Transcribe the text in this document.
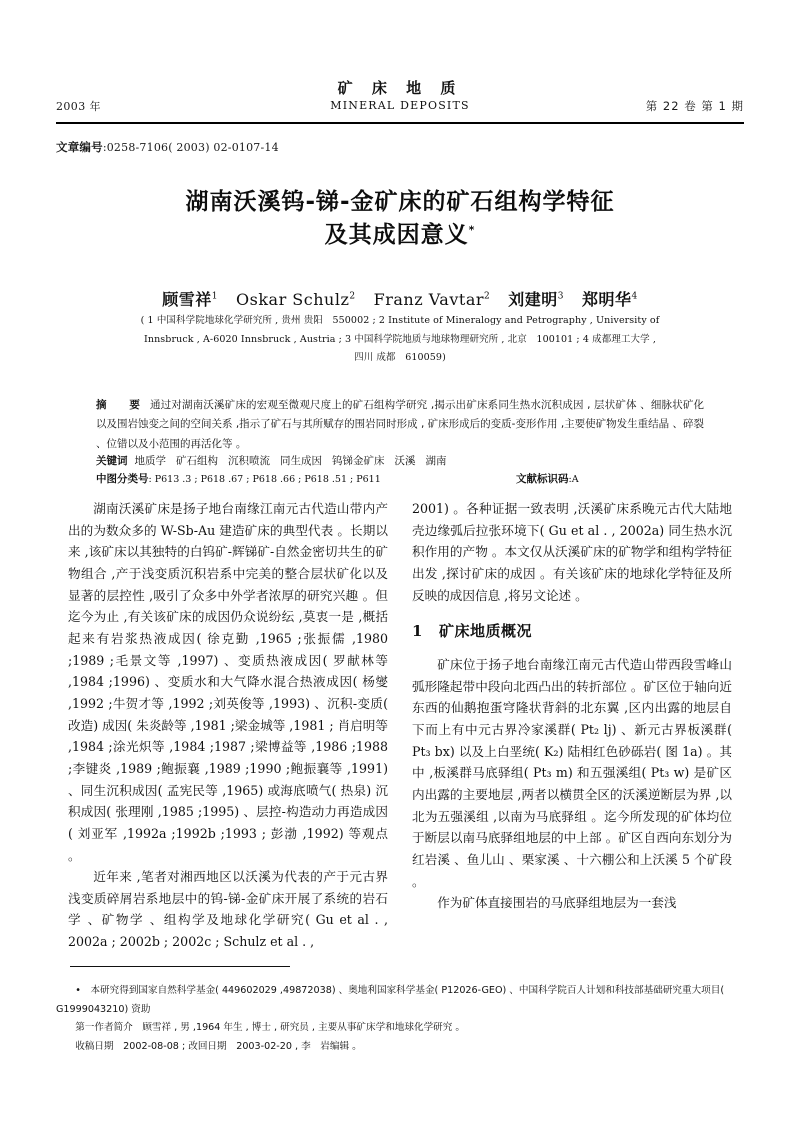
2003 年
矿 床 地 质
MINERAL DEPOSITS	第 22 卷 第 1 期
文章编号:0258-7106( 2003) 02-0107-14
湖南沃溪钨-锑-金矿床的矿石组构学特征
及其成因意义*
顾雪祥$^1$ Oskar Schulz$^2$ Franz Vavtar$^2$ 刘建明$^3$ 郑明华$^4$
( 1 中国科学院地球化学研究所 , 贵州 贵阳　550002 ; 2 Institute of Mineralogy and Petrography , University of
Innsbruck , A-6020 Innsbruck , Austria ; 3 中国科学院地质与地球物理研究所 , 北京　100101 ; 4 成都理工大学 ,
四川 成都　610059)
摘　要 通过对湖南沃溪矿床的宏观至微观尺度上的矿石组构学研究 ,揭示出矿床系同生热水沉积成因 , 层状矿体 、细脉状矿化以及围岩蚀变之间的空间关系 ,指示了矿石与其所赋存的围岩同时形成 , 矿床形成后的变质-变形作用 ,主要使矿物发生重结晶 、碎裂 、位错以及小范围的再活化等 。
关键词 地质学 矿石组构 沉积喷流 同生成因 钨锑金矿床 沃溪 湖南
中图分类号: P613 .3 ; P618 .67 ; P618 .66 ; P618 .51 ; P611	文献标识码:A

湖南沃溪矿床是扬子地台南缘江南元古代造山带内产出的为数众多的 W-Sb-Au 建造矿床的典型代表 。长期以来 ,该矿床以其独特的白钨矿-辉锑矿-自然金密切共生的矿物组合 ,产于浅变质沉积岩系中完美的整合层状矿化以及显著的层控性 ,吸引了众多中外学者浓厚的研究兴趣 。但迄今为止 ,有关该矿床的成因仍众说纷纭 ,莫衷一是 ,概括起来有岩浆热液成因( 徐克勤 ,1965 ;张振儒 ,1980 ;1989 ;毛景文等 ,1997) 、变质热液成因( 罗献林等 ,1984 ;1996) 、变质水和大气降水混合热液成因( 杨燮 ,1992 ;牛贺才等 ,1992 ;刘英俊等 ,1993) 、沉积-变质( 改造) 成因( 朱炎龄等 ,1981 ;梁金城等 ,1981 ; 肖启明等 ,1984 ;涂光炽等 ,1984 ;1987 ;梁博益等 ,1986 ;1988 ;李键炎 ,1989 ;鲍振襄 ,1989 ;1990 ;鲍振襄等 ,1991) 、同生沉积成因( 孟宪民等 ,1965) 或海底喷气( 热泉) 沉积成因( 张理刚 ,1985 ;1995) 、层控-构造动力再造成因( 刘亚军 ,1992a ;1992b ;1993 ; 彭渤 ,1992) 等观点 。

近年来 ,笔者对湘西地区以沃溪为代表的产于元古界浅变质碎屑岩系地层中的钨-锑-金矿床开展了系统的岩石学 、矿物学 、组构学及地球化学研究( Gu et al . , 2002a ; 2002b ; 2002c ; Schulz et al . ,

2001) 。各种证据一致表明 ,沃溪矿床系晚元古代大陆地壳边缘弧后拉张环境下( Gu et al . , 2002a) 同生热水沉积作用的产物 。本文仅从沃溪矿床的矿物学和组构学特征出发 ,探讨矿床的成因 。有关该矿床的地球化学特征及所反映的成因信息 ,将另文论述 。

1 矿床地质概况

矿床位于扬子地台南缘江南元古代造山带西段雪峰山弧形隆起带中段向北西凸出的转折部位 。矿区位于轴向近东西的仙鹅抱蛋穹隆状背斜的北东翼 ,区内出露的地层自下而上有中元古界冷家溪群( Pt₂ lj) 、新元古界板溪群( Pt₃ bx) 以及上白垩统( K₂) 陆相红色砂砾岩( 图 1a) 。其中 ,板溪群马底驿组( Pt₃ m) 和五强溪组( Pt₃ w) 是矿区内出露的主要地层 ,两者以横贯全区的沃溪逆断层为界 ,以北为五强溪组 ,以南为马底驿组 。迄今所发现的矿体均位于断层以南马底驿组地层的中上部 。矿区自西向东划分为红岩溪 、鱼儿山 、栗家溪 、十六棚公和上沃溪 5 个矿段 。

作为矿体直接围岩的马底驿组地层为一套浅

•　本研究得到国家自然科学基金( 449602029 ,49872038) 、奥地利国家科学基金( P12026-GEO) 、中国科学院百人计划和科技部基础研究重大项目( G1999043210) 资助
第一作者简介　顾雪祥 , 男 ,1964 年生 , 博士 , 研究员 , 主要从事矿床学和地球化学研究 。
收稿日期　2002-08-08 ; 改回日期　2003-02-20 , 李　岩编辑 。
